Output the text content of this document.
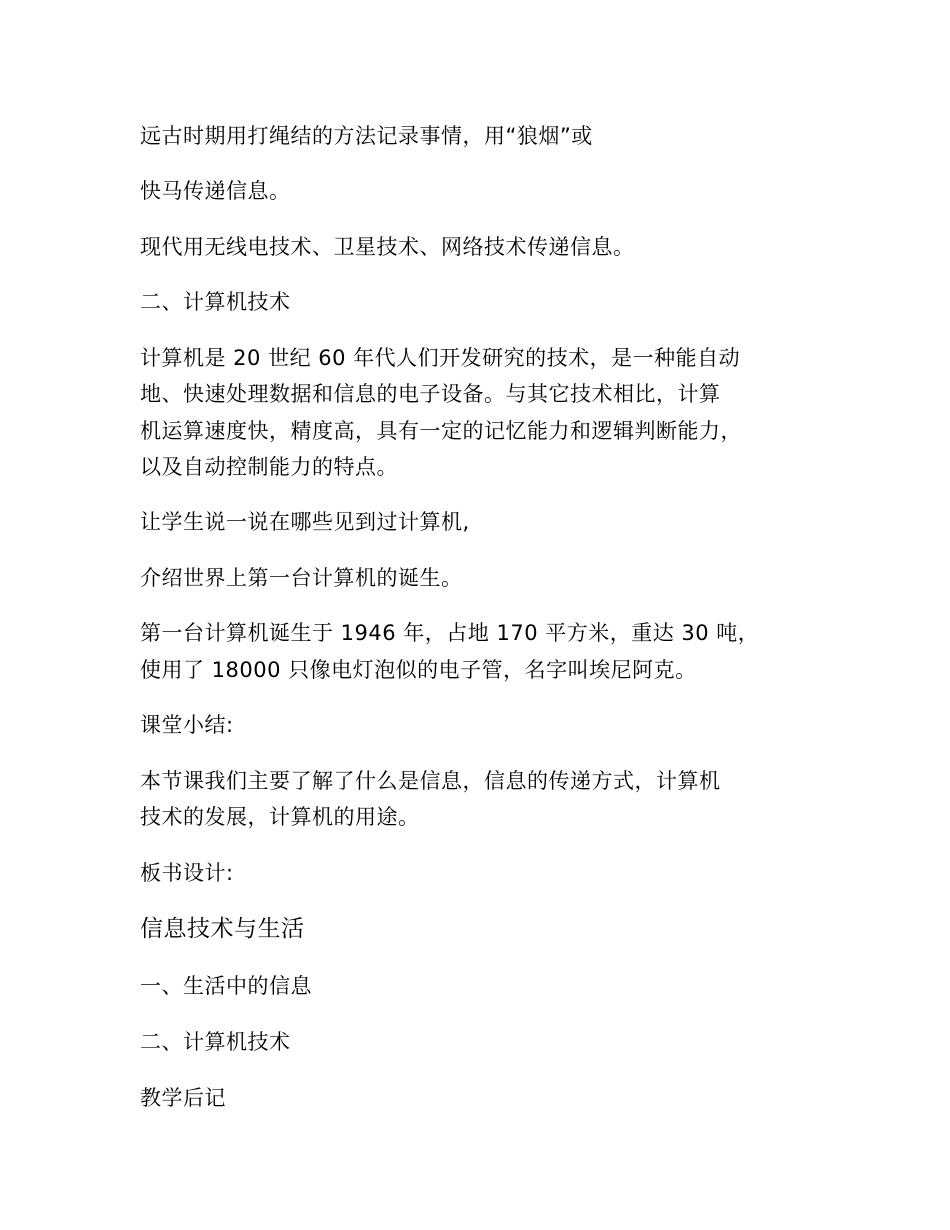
远古时期用打绳结的方法记录事情，用“狼烟”或
快马传递信息。
现代用无线电技术、卫星技术、网络技术传递信息。
二、计算机技术
计算机是 20 世纪 60 年代人们开发研究的技术，是一种能自动
地、快速处理数据和信息的电子设备。与其它技术相比，计算
机运算速度快，精度高，具有一定的记忆能力和逻辑判断能力，
以及自动控制能力的特点。
让学生说一说在哪些见到过计算机,
介绍世界上第一台计算机的诞生。
第一台计算机诞生于 1946 年，占地 170 平方米，重达 30 吨，
使用了 18000 只像电灯泡似的电子管，名字叫埃尼阿克。
课堂小结:
本节课我们主要了解了什么是信息，信息的传递方式，计算机
技术的发展，计算机的用途。
板书设计:
信息技术与生活
一、生活中的信息
二、计算机技术
教学后记
